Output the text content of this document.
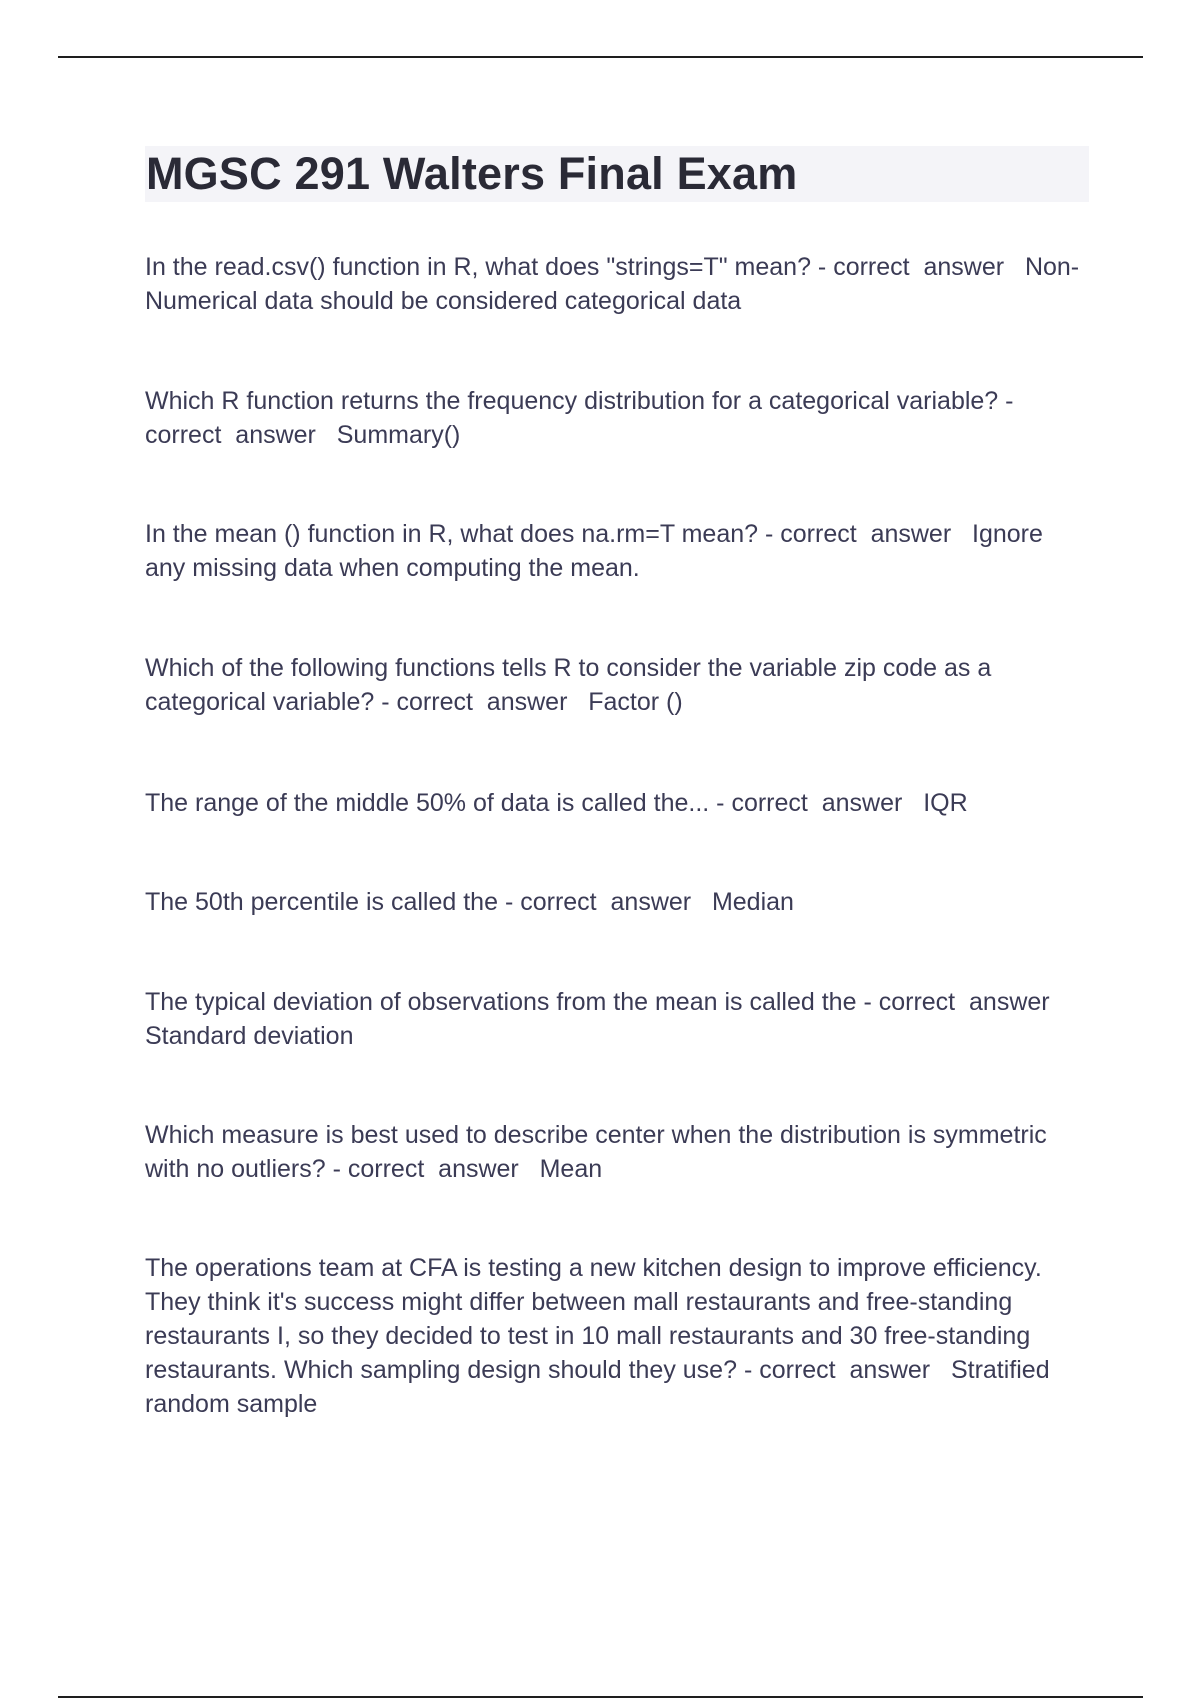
MGSC 291 Walters Final Exam

In the read.csv() function in R, what does "strings=T" mean? - correct  answer   Non-Numerical data should be considered categorical data

Which R function returns the frequency distribution for a categorical variable? - correct  answer   Summary()

In the mean () function in R, what does na.rm=T mean? - correct  answer   Ignore any missing data when computing the mean.

Which of the following functions tells R to consider the variable zip code as a categorical variable? - correct  answer   Factor ()

The range of the middle 50% of data is called the... - correct  answer   IQR

The 50th percentile is called the - correct  answer   Median

The typical deviation of observations from the mean is called the - correct  answer   Standard deviation

Which measure is best used to describe center when the distribution is symmetric with no outliers? - correct  answer   Mean

The operations team at CFA is testing a new kitchen design to improve efficiency. They think it's success might differ between mall restaurants and free-standing restaurants I, so they decided to test in 10 mall restaurants and 30 free-standing restaurants. Which sampling design should they use? - correct  answer   Stratified random sample
